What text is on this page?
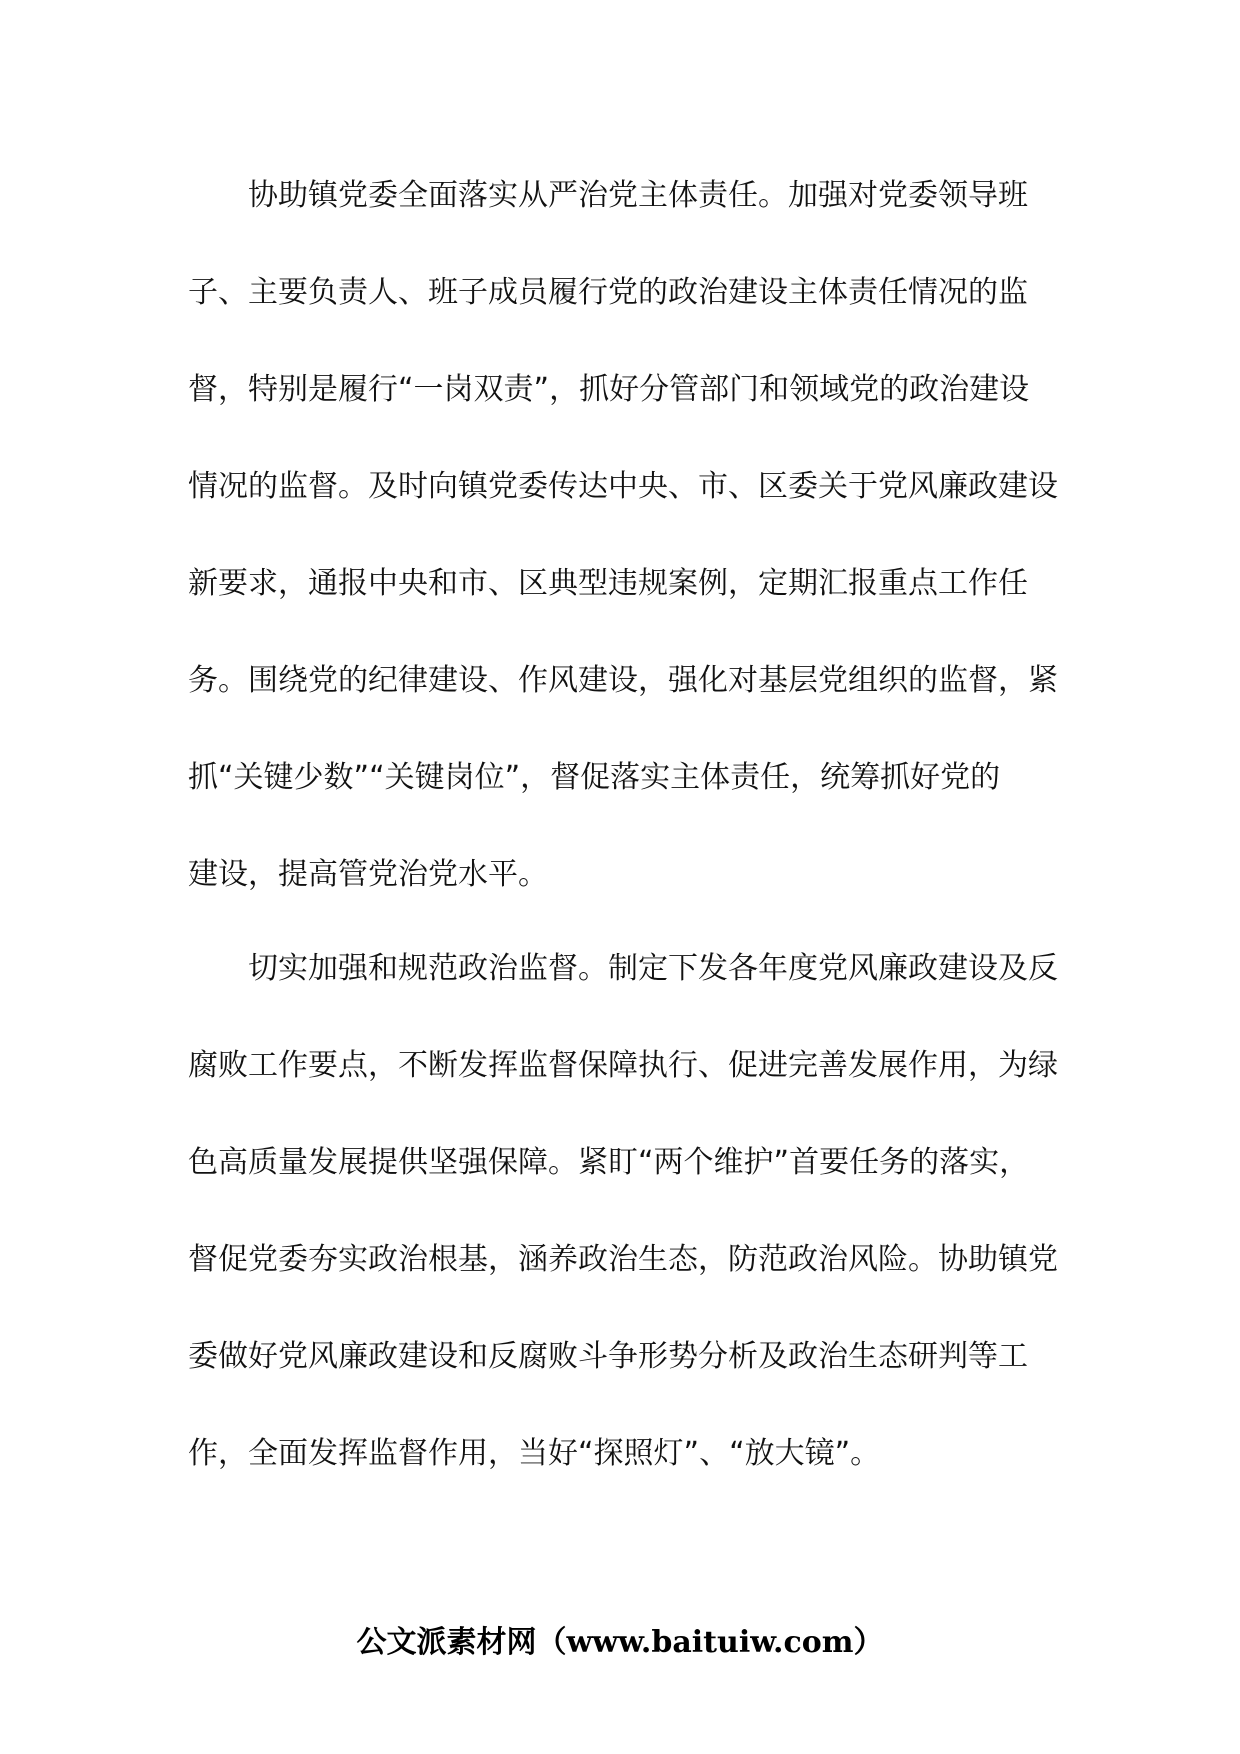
协助镇党委全面落实从严治党主体责任。加强对党委领导班

子、主要负责人、班子成员履行党的政治建设主体责任情况的监

督，特别是履行“一岗双责”，抓好分管部门和领域党的政治建设

情况的监督。及时向镇党委传达中央、市、区委关于党风廉政建设

新要求，通报中央和市、区典型违规案例，定期汇报重点工作任

务。围绕党的纪律建设、作风建设，强化对基层党组织的监督，紧

抓“关键少数”“关键岗位”，督促落实主体责任，统筹抓好党的

建设，提高管党治党水平。

切实加强和规范政治监督。制定下发各年度党风廉政建设及反

腐败工作要点，不断发挥监督保障执行、促进完善发展作用，为绿

色高质量发展提供坚强保障。紧盯“两个维护”首要任务的落实，

督促党委夯实政治根基，涵养政治生态，防范政治风险。协助镇党

委做好党风廉政建设和反腐败斗争形势分析及政治生态研判等工

作，全面发挥监督作用，当好“探照灯”、“放大镜”。

公文派素材网（www.baituiw.com）
